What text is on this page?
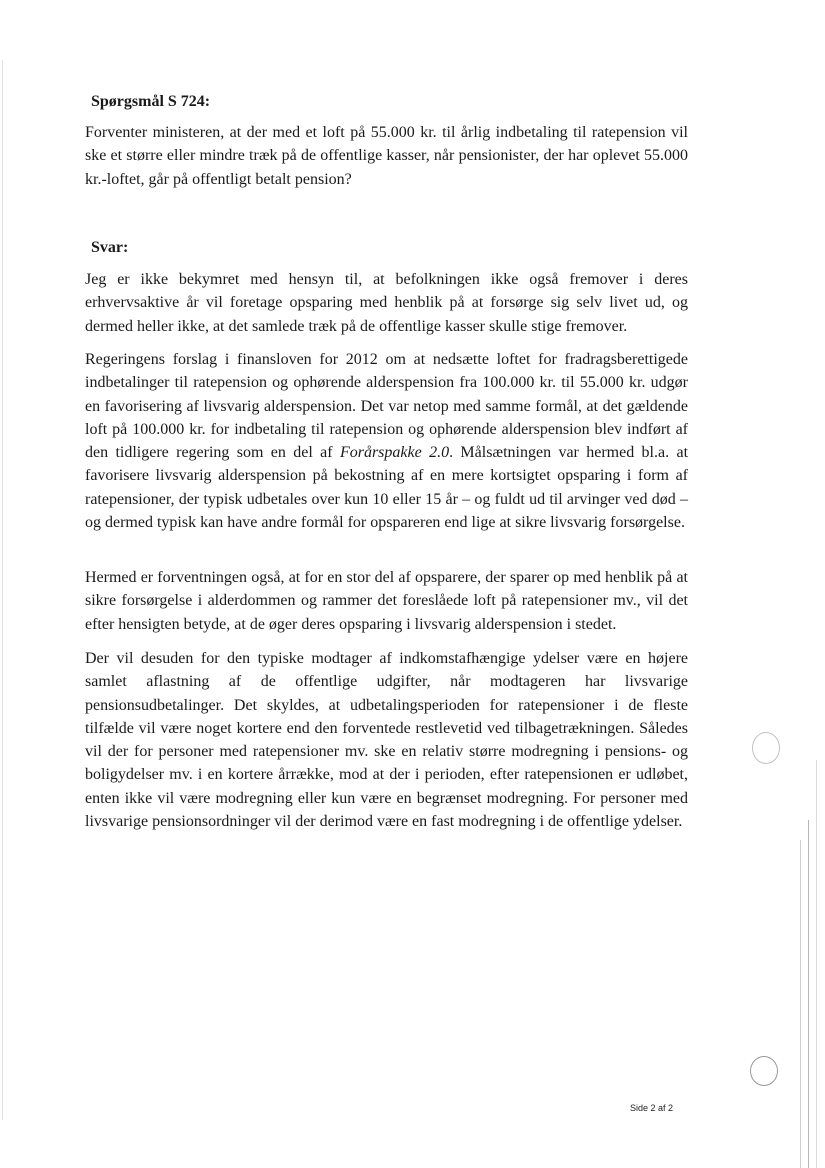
Spørgsmål S 724:

Forventer ministeren, at der med et loft på 55.000 kr. til årlig indbetaling til ratepension vil ske et større eller mindre træk på de offentlige kasser, når pensionister, der har oplevet 55.000 kr.-loftet, går på offentligt betalt pension?

Svar:

Jeg er ikke bekymret med hensyn til, at befolkningen ikke også fremover i deres erhvervsaktive år vil foretage opsparing med henblik på at forsørge sig selv livet ud, og dermed heller ikke, at det samlede træk på de offentlige kasser skulle stige fremover.

Regeringens forslag i finansloven for 2012 om at nedsætte loftet for fradragsberettigede indbetalinger til ratepension og ophørende alderspension fra 100.000 kr. til 55.000 kr. udgør en favorisering af livsvarig alderspension. Det var netop med samme formål, at det gældende loft på 100.000 kr. for indbetaling til ratepension og ophørende alderspension blev indført af den tidligere regering som en del af Forårspakke 2.0. Målsætningen var hermed bl.a. at favorisere livsvarig alderspension på bekostning af en mere kortsigtet opsparing i form af ratepensioner, der typisk udbetales over kun 10 eller 15 år – og fuldt ud til arvinger ved død – og dermed typisk kan have andre formål for opspareren end lige at sikre livsvarig forsørgelse.

Hermed er forventningen også, at for en stor del af opsparere, der sparer op med henblik på at sikre forsørgelse i alderdommen og rammer det foreslåede loft på ratepensioner mv., vil det efter hensigten betyde, at de øger deres opsparing i livsvarig alderspension i stedet.

Der vil desuden for den typiske modtager af indkomstafhængige ydelser være en højere samlet aflastning af de offentlige udgifter, når modtageren har livsvarige pensionsudbetalinger. Det skyldes, at udbetalingsperioden for ratepensioner i de fleste tilfælde vil være noget kortere end den forventede restlevetid ved tilbagetrækningen. Således vil der for personer med ratepensioner mv. ske en relativ større modregning i pensions- og boligydelser mv. i en kortere årrække, mod at der i perioden, efter ratepensionen er udløbet, enten ikke vil være modregning eller kun være en begrænset modregning. For personer med livsvarige pensionsordninger vil der derimod være en fast modregning i de offentlige ydelser.

Side 2 af 2
